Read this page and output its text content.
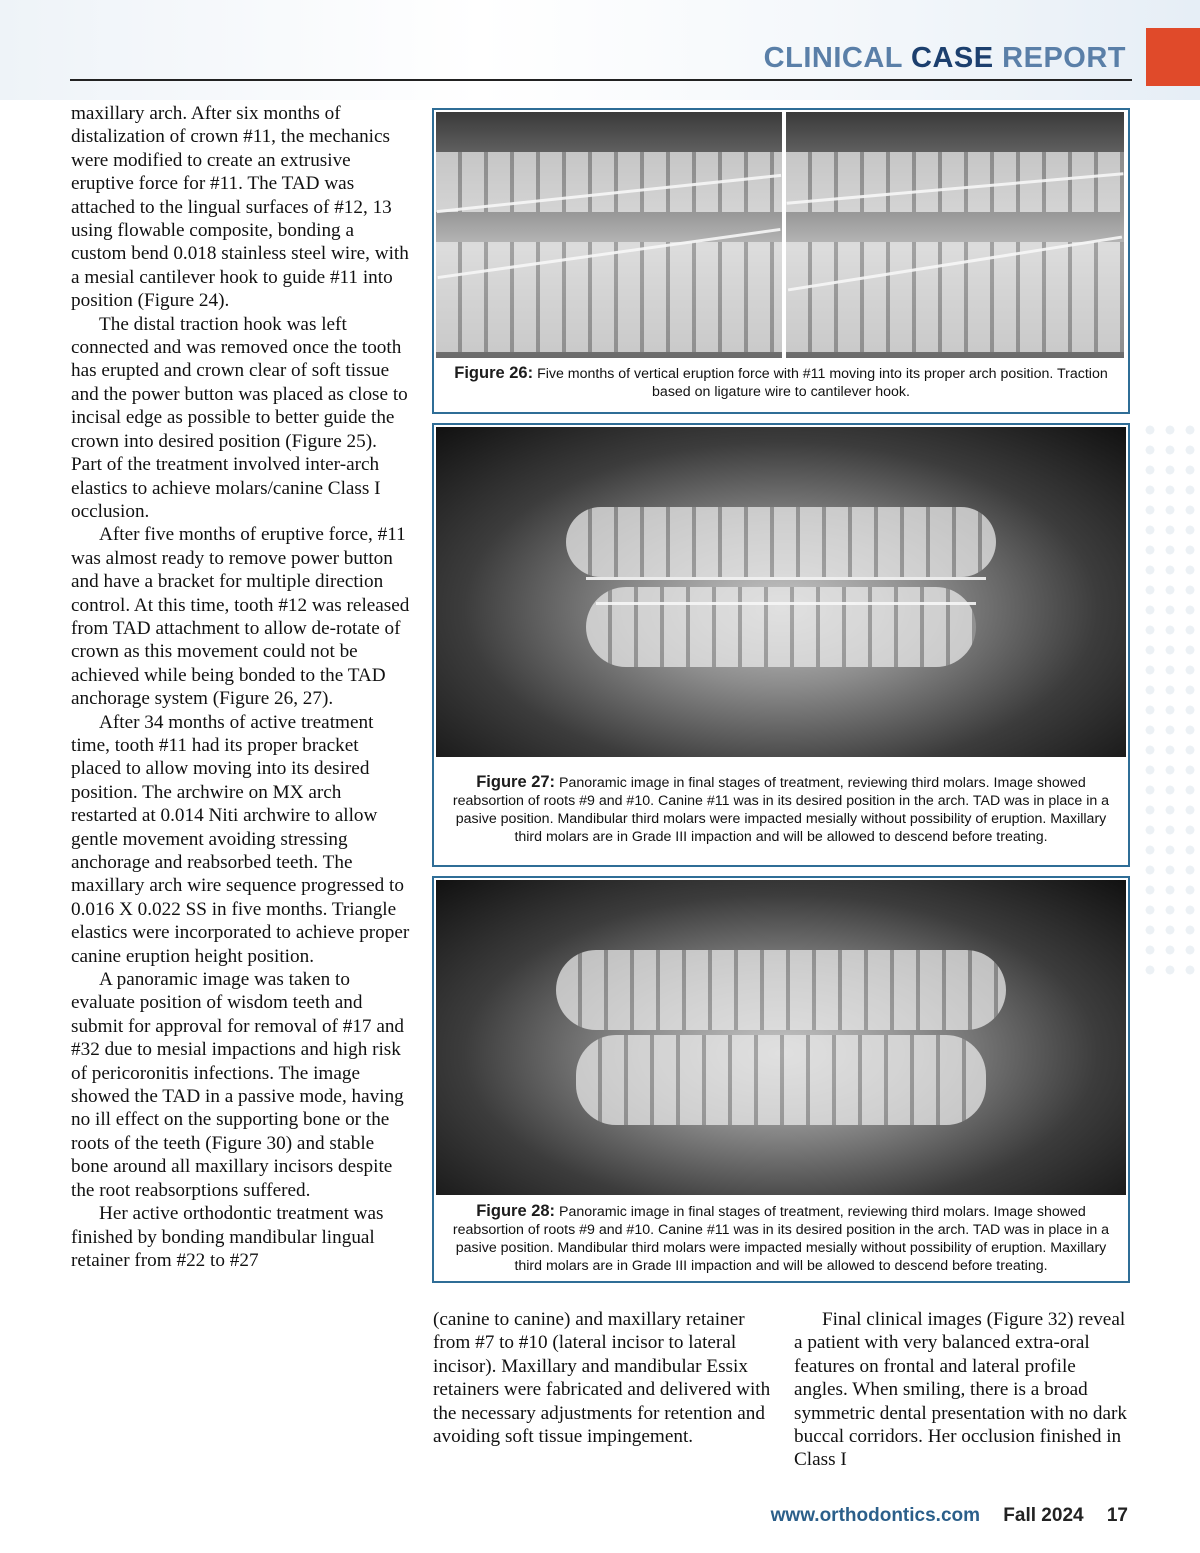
CLINICAL CASE REPORT

maxillary arch. After six months of distalization of crown #11, the mechanics were modified to create an extrusive eruptive force for #11. The TAD was attached to the lingual surfaces of #12, 13 using flowable composite, bonding a custom bend 0.018 stainless steel wire, with a mesial cantilever hook to guide #11 into position (Figure 24).

The distal traction hook was left connected and was removed once the tooth has erupted and crown clear of soft tissue and the power button was placed as close to incisal edge as possible to better guide the crown into desired position (Figure 25). Part of the treatment involved inter-arch elastics to achieve molars/canine Class I occlusion.

After five months of eruptive force, #11 was almost ready to remove power button and have a bracket for multiple direction control. At this time, tooth #12 was released from TAD attachment to allow de-rotate of crown as this movement could not be achieved while being bonded to the TAD anchorage system (Figure 26, 27).

After 34 months of active treatment time, tooth #11 had its proper bracket placed to allow moving into its desired position. The archwire on MX arch restarted at 0.014 Niti archwire to allow gentle movement avoiding stressing anchorage and reabsorbed teeth. The maxillary arch wire sequence progressed to 0.016 X 0.022 SS in five months. Triangle elastics were incorporated to achieve proper canine eruption height position.

A panoramic image was taken to evaluate position of wisdom teeth and submit for approval for removal of #17 and #32 due to mesial impactions and high risk of pericoronitis infections. The image showed the TAD in a passive mode, having no ill effect on the supporting bone or the roots of the teeth (Figure 30) and stable bone around all maxillary incisors despite the root reabsorptions suffered.

Her active orthodontic treatment was finished by bonding mandibular lingual retainer from #22 to #27

Figure 26: Five months of vertical eruption force with #11 moving into its proper arch position. Traction based on ligature wire to cantilever hook.
Figure 27: Panoramic image in final stages of treatment, reviewing third molars. Image showed reabsortion of roots #9 and #10. Canine #11 was in its desired position in the arch. TAD was in place in a pasive position. Mandibular third molars were impacted mesially without possibility of eruption. Maxillary third molars are in Grade III impaction and will be allowed to descend before treating.
Figure 28: Panoramic image in final stages of treatment, reviewing third molars. Image showed reabsortion of roots #9 and #10. Canine #11 was in its desired position in the arch. TAD was in place in a pasive position. Mandibular third molars were impacted mesially without possibility of eruption. Maxillary third molars are in Grade III impaction and will be allowed to descend before treating.

(canine to canine) and maxillary retainer from #7 to #10 (lateral incisor to lateral incisor). Maxillary and mandibular Essix retainers were fabricated and delivered with the necessary adjustments for retention and avoiding soft tissue impingement.

Final clinical images (Figure 32) reveal a patient with very balanced extra-oral features on frontal and lateral profile angles. When smiling, there is a broad symmetric dental presentation with no dark buccal corridors. Her occlusion finished in Class I

www.orthodontics.com Fall 2024 17
